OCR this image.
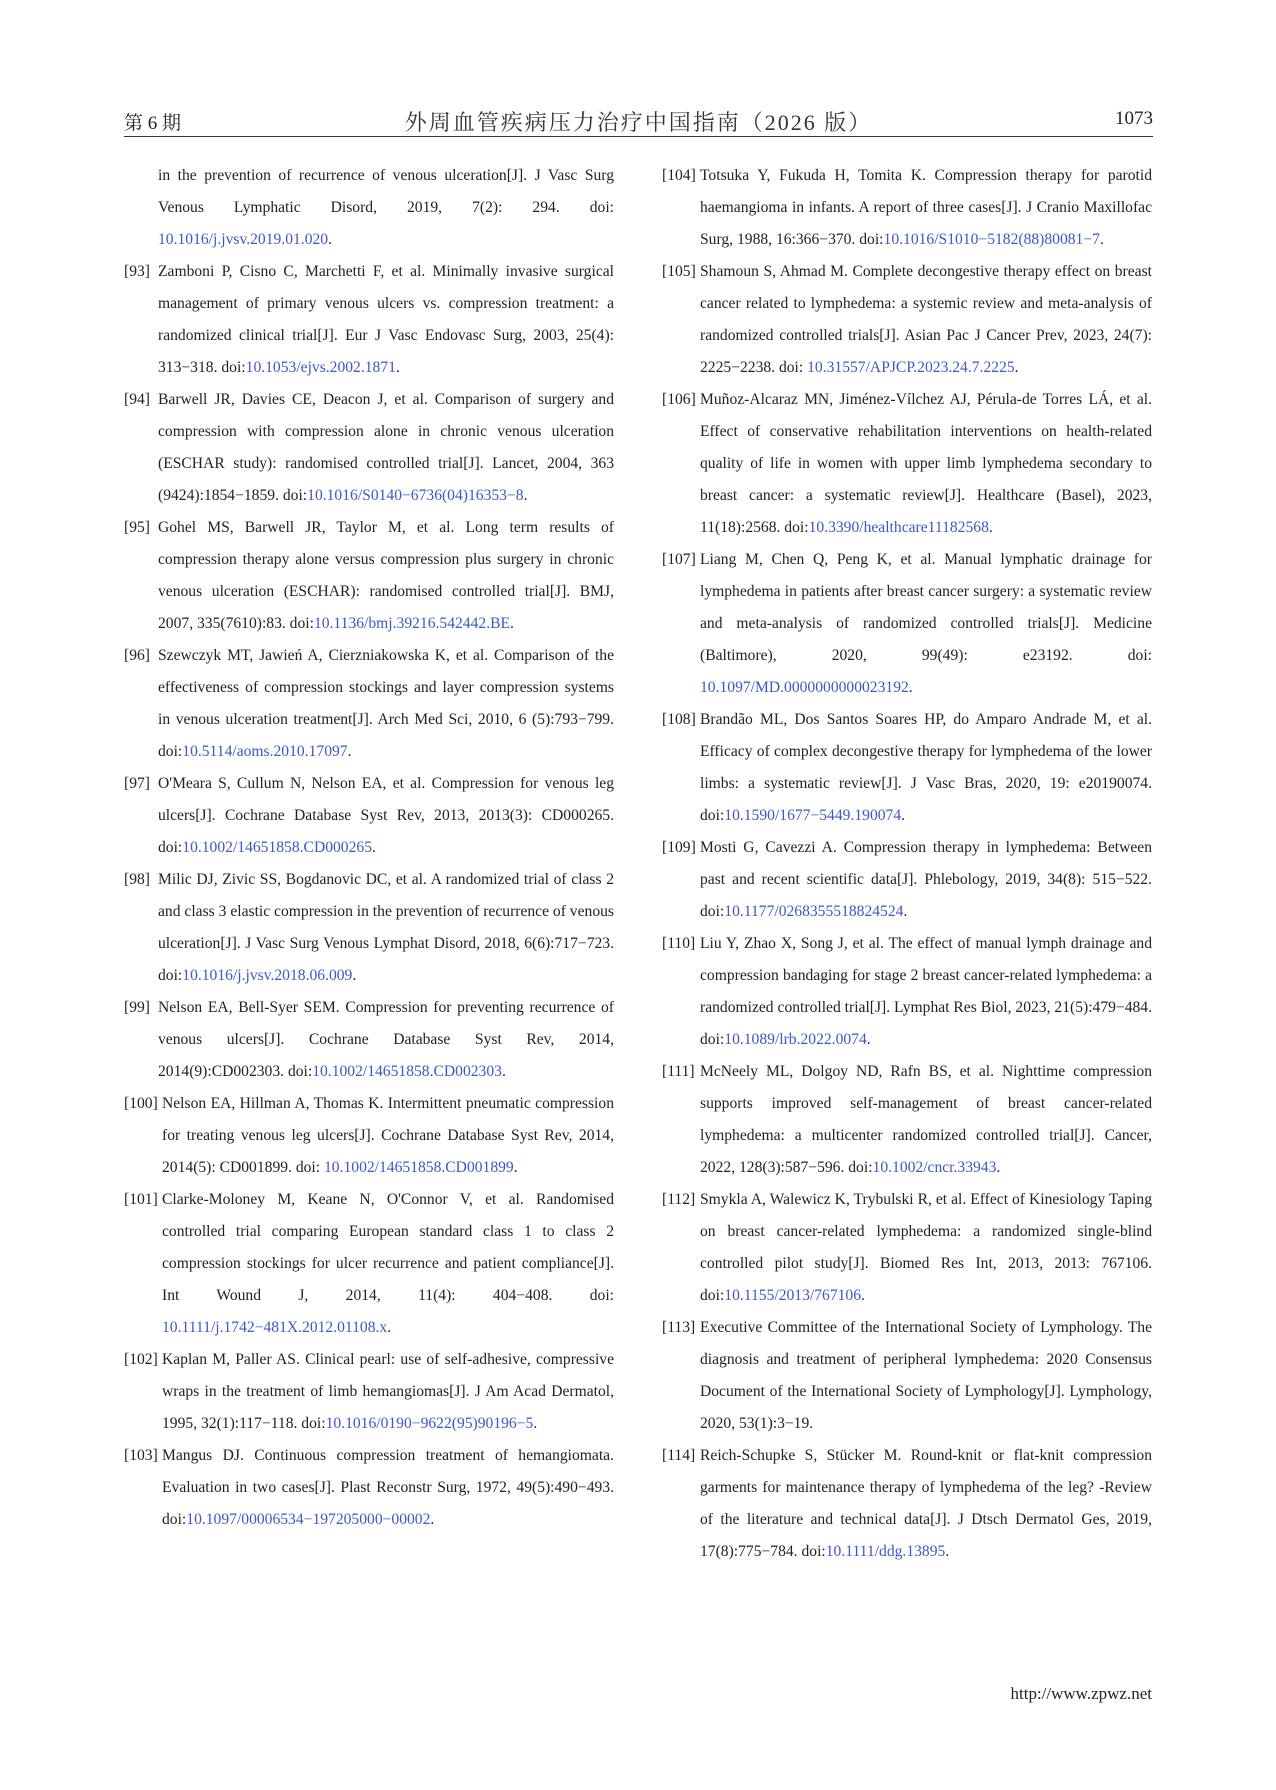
第 6 期	外周血管疾病压力治疗中国指南（2026 版）	1073
in the prevention of recurrence of venous ulceration[J]. J Vasc Surg Venous Lymphatic Disord, 2019, 7(2): 294. doi: 10.1016/j.jvsv.2019.01.020.
[93] Zamboni P, Cisno C, Marchetti F, et al. Minimally invasive surgical management of primary venous ulcers vs. compression treatment: a randomized clinical trial[J]. Eur J Vasc Endovasc Surg, 2003, 25(4): 313−318. doi:10.1053/ejvs.2002.1871.
[94] Barwell JR, Davies CE, Deacon J, et al. Comparison of surgery and compression with compression alone in chronic venous ulceration (ESCHAR study): randomised controlled trial[J]. Lancet, 2004, 363 (9424):1854−1859. doi:10.1016/S0140−6736(04)16353−8.
[95] Gohel MS, Barwell JR, Taylor M, et al. Long term results of compression therapy alone versus compression plus surgery in chronic venous ulceration (ESCHAR): randomised controlled trial[J]. BMJ, 2007, 335(7610):83. doi:10.1136/bmj.39216.542442.BE.
[96] Szewczyk MT, Jawień A, Cierzniakowska K, et al. Comparison of the effectiveness of compression stockings and layer compression systems in venous ulceration treatment[J]. Arch Med Sci, 2010, 6 (5):793−799. doi:10.5114/aoms.2010.17097.
[97] O'Meara S, Cullum N, Nelson EA, et al. Compression for venous leg ulcers[J]. Cochrane Database Syst Rev, 2013, 2013(3): CD000265. doi:10.1002/14651858.CD000265.
[98] Milic DJ, Zivic SS, Bogdanovic DC, et al. A randomized trial of class 2 and class 3 elastic compression in the prevention of recurrence of venous ulceration[J]. J Vasc Surg Venous Lymphat Disord, 2018, 6(6):717−723. doi:10.1016/j.jvsv.2018.06.009.
[99] Nelson EA, Bell-Syer SEM. Compression for preventing recurrence of venous ulcers[J]. Cochrane Database Syst Rev, 2014, 2014(9):CD002303. doi:10.1002/14651858.CD002303.
[100] Nelson EA, Hillman A, Thomas K. Intermittent pneumatic compression for treating venous leg ulcers[J]. Cochrane Database Syst Rev, 2014, 2014(5): CD001899. doi: 10.1002/14651858.CD001899.
[101] Clarke-Moloney M, Keane N, O'Connor V, et al. Randomised controlled trial comparing European standard class 1 to class 2 compression stockings for ulcer recurrence and patient compliance[J]. Int Wound J, 2014, 11(4): 404−408. doi: 10.1111/j.1742−481X.2012.01108.x.
[102] Kaplan M, Paller AS. Clinical pearl: use of self-adhesive, compressive wraps in the treatment of limb hemangiomas[J]. J Am Acad Dermatol, 1995, 32(1):117−118. doi:10.1016/0190−9622(95)90196−5.
[103] Mangus DJ. Continuous compression treatment of hemangiomata. Evaluation in two cases[J]. Plast Reconstr Surg, 1972, 49(5):490−493. doi:10.1097/00006534−197205000−00002.
[104] Totsuka Y, Fukuda H, Tomita K. Compression therapy for parotid haemangioma in infants. A report of three cases[J]. J Cranio Maxillofac Surg, 1988, 16:366−370. doi:10.1016/S1010−5182(88)80081−7.
[105] Shamoun S, Ahmad M. Complete decongestive therapy effect on breast cancer related to lymphedema: a systemic review and meta-analysis of randomized controlled trials[J]. Asian Pac J Cancer Prev, 2023, 24(7): 2225−2238. doi: 10.31557/APJCP.2023.24.7.2225.
[106] Muñoz-Alcaraz MN, Jiménez-Vílchez AJ, Pérula-de Torres LÁ, et al. Effect of conservative rehabilitation interventions on health-related quality of life in women with upper limb lymphedema secondary to breast cancer: a systematic review[J]. Healthcare (Basel), 2023, 11(18):2568. doi:10.3390/healthcare11182568.
[107] Liang M, Chen Q, Peng K, et al. Manual lymphatic drainage for lymphedema in patients after breast cancer surgery: a systematic review and meta-analysis of randomized controlled trials[J]. Medicine (Baltimore), 2020, 99(49): e23192. doi: 10.1097/MD.0000000000023192.
[108] Brandão ML, Dos Santos Soares HP, do Amparo Andrade M, et al. Efficacy of complex decongestive therapy for lymphedema of the lower limbs: a systematic review[J]. J Vasc Bras, 2020, 19: e20190074. doi:10.1590/1677−5449.190074.
[109] Mosti G, Cavezzi A. Compression therapy in lymphedema: Between past and recent scientific data[J]. Phlebology, 2019, 34(8): 515−522. doi:10.1177/0268355518824524.
[110] Liu Y, Zhao X, Song J, et al. The effect of manual lymph drainage and compression bandaging for stage 2 breast cancer-related lymphedema: a randomized controlled trial[J]. Lymphat Res Biol, 2023, 21(5):479−484. doi:10.1089/lrb.2022.0074.
[111] McNeely ML, Dolgoy ND, Rafn BS, et al. Nighttime compression supports improved self-management of breast cancer-related lymphedema: a multicenter randomized controlled trial[J]. Cancer, 2022, 128(3):587−596. doi:10.1002/cncr.33943.
[112] Smykla A, Walewicz K, Trybulski R, et al. Effect of Kinesiology Taping on breast cancer-related lymphedema: a randomized single-blind controlled pilot study[J]. Biomed Res Int, 2013, 2013: 767106. doi:10.1155/2013/767106.
[113] Executive Committee of the International Society of Lymphology. The diagnosis and treatment of peripheral lymphedema: 2020 Consensus Document of the International Society of Lymphology[J]. Lymphology, 2020, 53(1):3−19.
[114] Reich-Schupke S, Stücker M. Round-knit or flat-knit compression garments for maintenance therapy of lymphedema of the leg? -Review of the literature and technical data[J]. J Dtsch Dermatol Ges, 2019, 17(8):775−784. doi:10.1111/ddg.13895.
http://www.zpwz.net
